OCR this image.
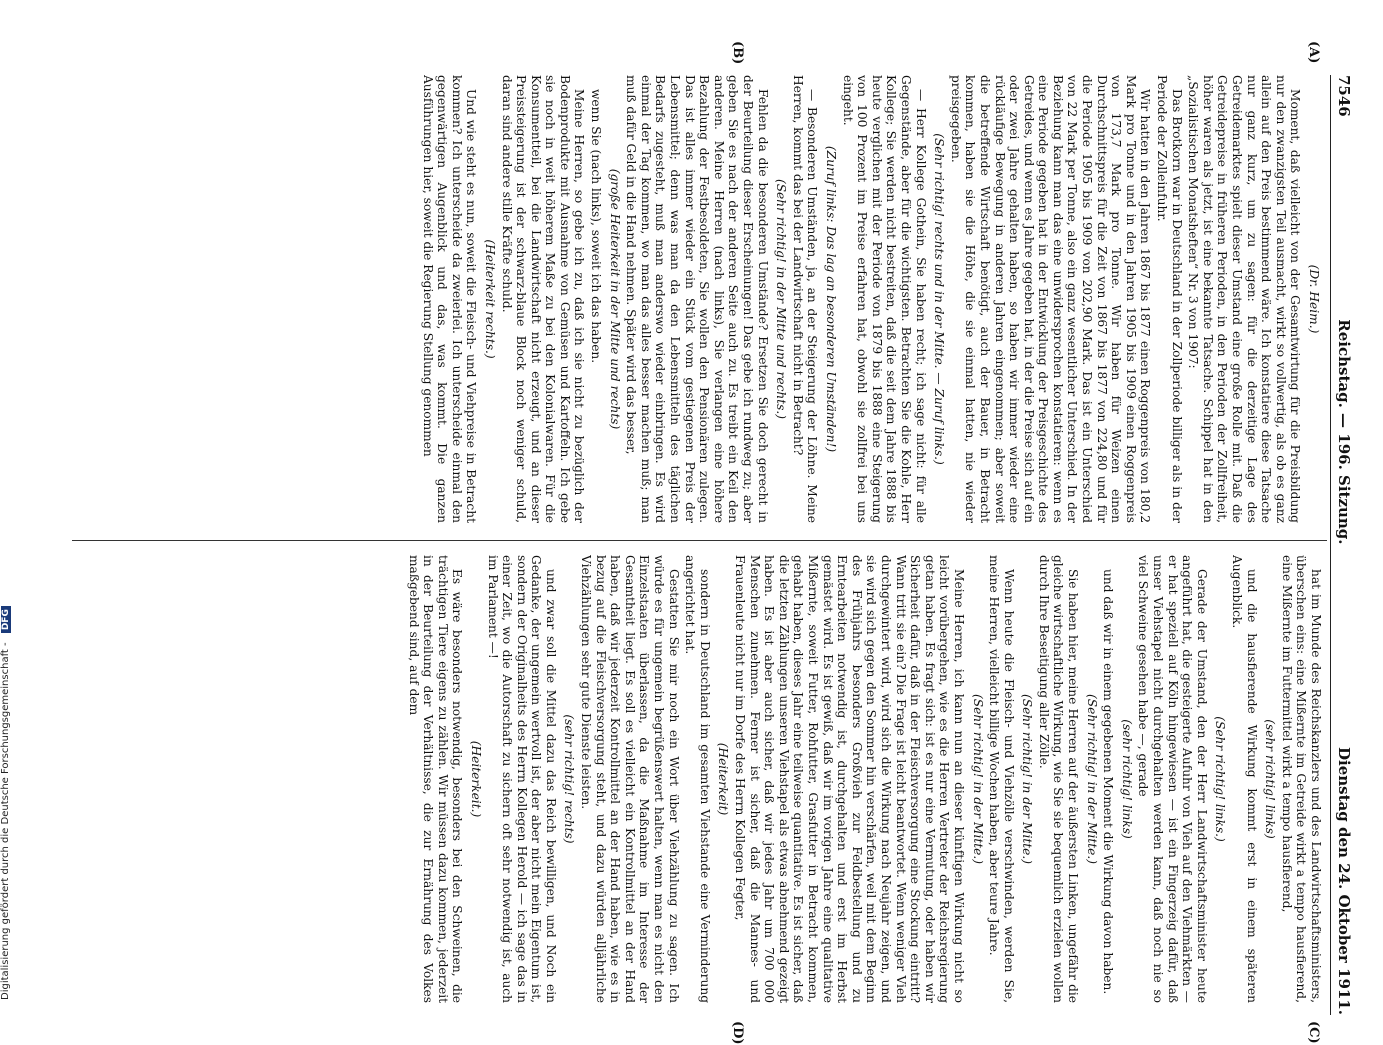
7546
Reichstag. — 196. Sitzung.
Dienstag den 24. Oktober 1911.

(Dr. Heim.)

Moment, daß vielleicht von der Gesamtwirtung für die Preisbildung nur den zwanzigsten Teil ausmacht, wirkt so vollwertig, als ob es ganz allein auf den Preis bestimmend wäre. Ich konstatiere diese Tatsache nur ganz kurz, um zu sagen: für die derzeitige Lage des Getreidemarktes spielt dieser Umstand eine große Rolle mit. Daß die Getreidepreise in früheren Perioden, in den Perioden der Zollfreiheit, höher waren als jetzt, ist eine bekannte Tatsache. Schippel hat in den „Sozialistischen Monatsheften“ Nr. 3 von 1907:

Das Brotkorn war in Deutschland in der Zollperiode billiger als in der Periode der Zolleinfuhr.

Wir hatten in den Jahren 1867 bis 1877 einen Roggenpreis von 180,2 Mark pro Tonne und in den Jahren 1905 bis 1909 einen Roggenpreis von 173,7 Mark pro Tonne. Wir haben für Weizen einen Durchschnittspreis für die Zeit von 1867 bis 1877 von 224,80 und für die Periode 1905 bis 1909 von 202,90 Mark. Das ist ein Unterschied von 22 Mark per Tonne, also ein ganz wesentlicher Unterschied. In der Beziehung kann man das eine unwidersprochen konstatieren: wenn es eine Periode gegeben hat in der Entwicklung der Preisgeschichte des Getreides, und wenn es Jahre gegeben hat, in der die Preise sich auf ein oder zwei Jahre gehalten haben, so haben wir immer wieder eine rückläufige Bewegung in anderen Jahren eingenommen; aber soweit die betreffende Wirtschaft benötigt, auch der Bauer, in Betracht kommen, haben sie die Höhe, die sie einmal hatten, nie wieder preisgegeben.

(Sehr richtig! rechts und in der Mitte. — Zuruf links.)

— Herr Kollege Gothein, Sie haben recht; ich sage nicht: für alle Gegenstände, aber für die wichtigsten. Betrachten Sie die Kohle, Herr Kollege; Sie werden nicht bestreiten, daß die seit dem Jahre 1888 bis heute verglichen mit der Periode von 1879 bis 1888 eine Steigerung von 100 Prozent im Preise erfahren hat, obwohl sie zollfrei bei uns eingeht.

(Zuruf links: Das lag an besonderen Umständen!)

— Besonderen Umständen, ja, an der Steigerung der Löhne. Meine Herren, kommt das bei der Landwirtschaft nicht in Betracht?

(Sehr richtig! in der Mitte und rechts.)

Fehlen da die besonderen Umstände? Ersetzen Sie doch gerecht in der Beurteilung dieser Erscheinungen! Das gebe ich rundweg zu; aber geben Sie es nach der anderen Seite auch zu. Es treibt ein Keil den anderen. Meine Herren (nach links), Sie verlangen eine höhere Bezahlung der Festbesoldeten, Sie wollen den Pensionären zulegen. Das ist alles immer wieder ein Stück vom gestiegenen Preis der Lebensmittel; denn was man da den Lebensmitteln des täglichen Bedarfs zugesteht, muß man anderswo wieder einbringen. Es wird einmal der Tag kommen, wo man das alles besser machen muß; man muß dafür Geld in die Hand nehmen. Später wird das besser,

(große Heiterkeit in der Mitte und rechts)

wenn Sie (nach links), soweit ich das haben.

Meine Herren, so gebe ich zu, daß ich sie nicht zu bezüglich der Bodenprodukte mit Ausnahme von Gemüsen und Kartoffeln. Ich gebe sie noch in weit höherem Maße zu bei den Kolonialwaren. Für die Konsumentteil, bei die Landwirtschaft nicht erzeugt, und an dieser Preissteigerung ist der schwarz-blaue Block noch weniger schuld, daran sind andere stille Kräfte schuld.

(Heiterkeit rechts.)

Und wie steht es nun, soweit die Fleisch- und Viehpreise in Betracht kommen? Ich unterscheide da zweierlei. Ich unterscheide einmal den gegenwärtigen Augenblick und das, was kommt. Die ganzen Ausführungen hier, soweit die Regierung Stellung genommen

hat im Munde des Reichskanzlers und des Landwirtschaftsministers, überschen eins: eine Mißernte im Getreide wirkt a tempo hausfierend, eine Mißernte im Futtermittel wirkt a tempo hausfierend,

(sehr richtig! links)

und die hausfierende Wirkung kommt erst in einem späteren Augenblick.

(Sehr richtig! links.)

Gerade der Umstand, den der Herr Landwirtschaftsminister heute angeführt hat, die gesteigerte Aufuhr von Vieh auf den Viehmärkten — er hat speziell auf Köln hingewiesen — ist ein Fingerzeig dafür, daß unser Viehstapel nicht durchgehalten werden kann, daß noch nie so viel Schweine gesehen habe —, gerade

(sehr richtig! links)

und daß wir in einem gegebenen Moment die Wirkung davon haben.

(Sehr richtig! in der Mitte.)

Sie haben hier, meine Herren auf der äußersten Linken, ungefähr die gleiche wirtschaftliche Wirkung, wie Sie sie bequemlich erzielen wollen durch Ihre Beseitigung aller Zölle.

(Sehr richtig! in der Mitte.)

Wenn heute die Fleisch- und Viehzölle verschwinden, werden Sie, meine Herren, vielleicht billige Wochen haben, aber teure Jahre.

(Sehr richtig! in der Mitte.)

Meine Herren, ich kann nun an dieser künftigen Wirkung nicht so leicht vorübergehen, wie es die Herren Vertreter der Reichsregierung getan haben. Es fragt sich: ist es nur eine Vermutung, oder haben wir Sicherheit dafür, daß in der Fleischversorgung eine Stockung eintritt? Wann tritt sie ein? Die Frage ist leicht beantwortet. Wenn weniger Vieh durchgewintert wird, wird sich die Wirkung nach Neujahr zeigen, und sie wird sich gegen den Sommer hin verschärfen, weil mit dem Beginn des Frühjahrs besonders Großvieh zur Feldbestellung und zu Erntearbeiten notwendig ist, durchgehalten und erst im Herbst gemästet wird. Es ist gewiß, daß wir im vorigen Jahre eine qualitative Mißernte, soweit Futter, Rohfutter, Grasfutter in Betracht kommen, gehabt haben, dieses Jahr eine teilweise quantitative. Es ist sicher, daß die letzten Zählungen unseren Viehstapel als etwas abnehmend gezeigt haben. Es ist aber auch sicher, daß wir jedes Jahr um 700 000 Menschen zunehmen. Ferner ist sicher, daß die Mannes- und Frauenleute nicht nur im Dorfe des Herrn Kollegen Fegter,

(Heiterkeit)

sondern in Deutschland im gesamten Viehstande eine Verminderung angerichtet hat.

Gestatten Sie mir noch ein Wort über Viehzählung zu sagen. Ich würde es für ungemein begrüßenswert halten, wenn man es nicht den Einzelstaaten überlassen, da die Maßnahme im Interesse der Gesamtheit liegt. Es soll es vielleicht ein Kontrollmittel an der Hand haben, daß wir jederzeit Kontrollmittel an der Hand haben, wie es in bezug auf die Fleischversorgung steht, und dazu würden alljährliche Viehzählungen sehr gute Dienste leisten.

(sehr richtig! rechts)

und zwar soll die Mittel dazu das Reich bewilligen, und Noch ein Gedanke, der ungemein wertvoll ist, der aber nicht mein Eigentum ist, sondern der Originalheits des Herrn Kollegen Herold — ich sage das in einer Zeit, wo die Autorschaft zu sichern oft sehr notwendig ist, auch im Parlament —!

(Heiterkeit.)

Es wäre besonders notwendig, besonders bei den Schweinen, die trächtigen Tiere eigens zu zählen. Wir müssen dazu kommen, jederzeit in der Beurteilung der Verhältnisse, die zur Ernährung des Volkes maßgebend sind, auf dem

(A)
(B)
(C)
(D)
Digitalisierung gefördert durch die Deutsche Forschungsgemeinschaft - DFG
